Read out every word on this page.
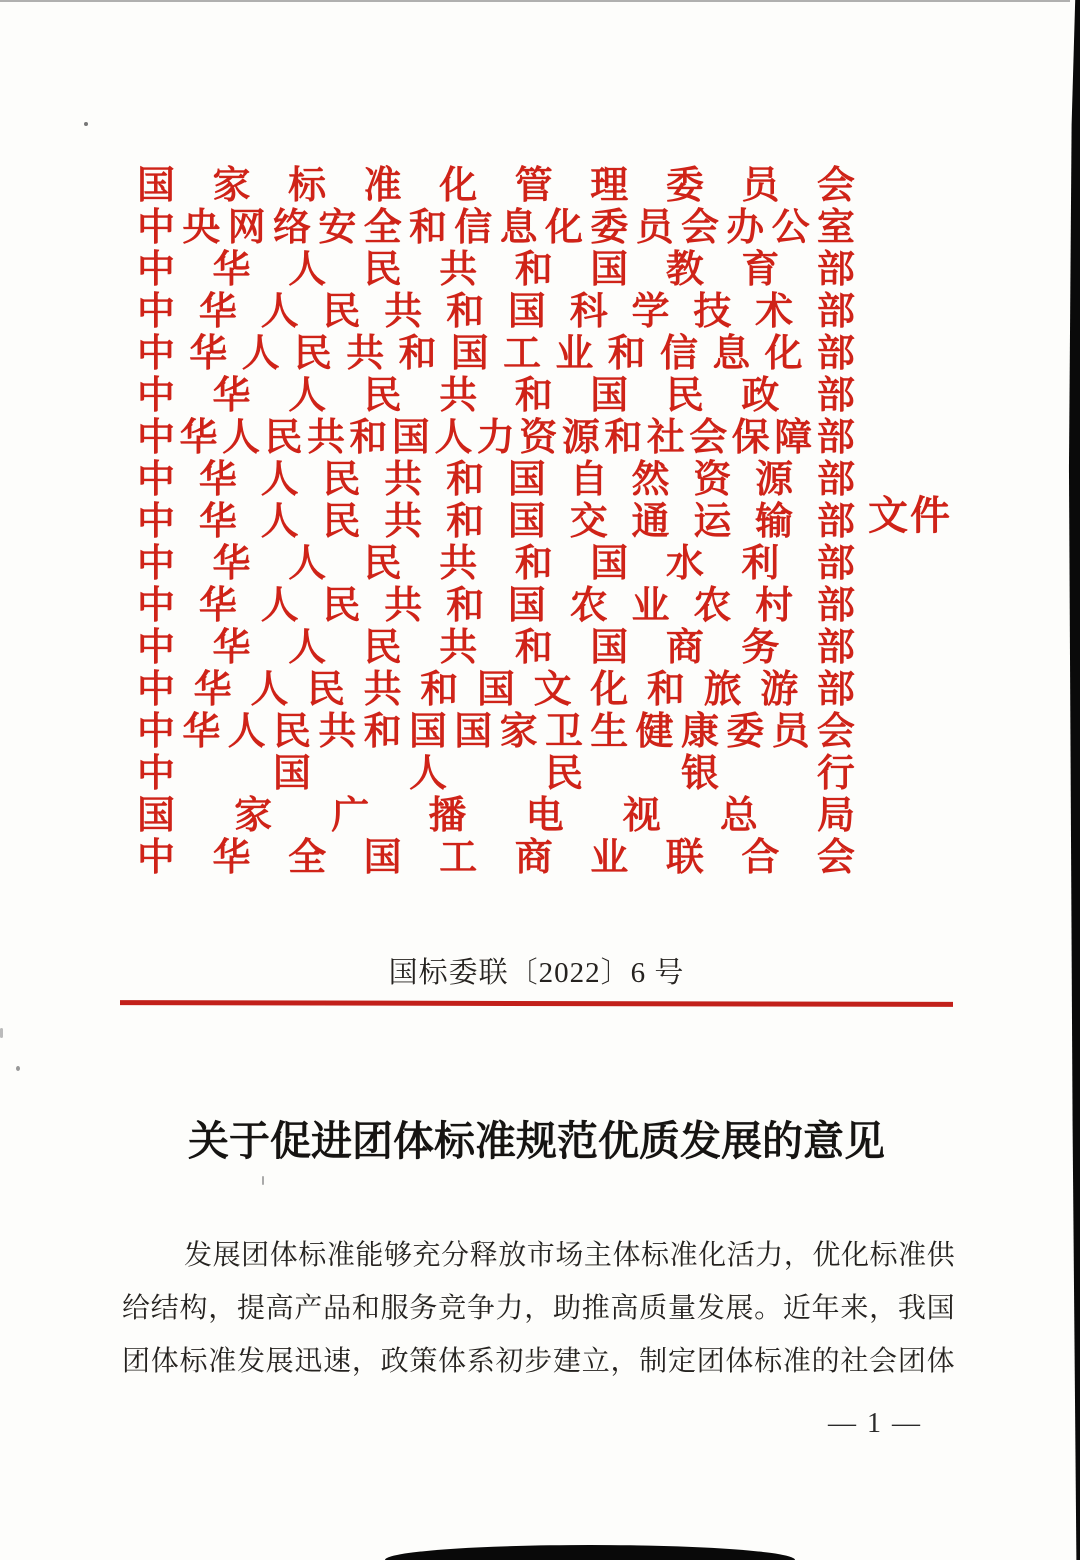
国 家 标 准 化 管 理 委 员 会
中 央 网 络 安 全 和 信 息 化 委 员 会 办 公 室
中 华 人 民 共 和 国 教 育 部
中 华 人 民 共 和 国 科 学 技 术 部
中 华 人 民 共 和 国 工 业 和 信 息 化 部
中 华 人 民 共 和 国 民 政 部
中 华 人 民 共 和 国 人 力 资 源 和 社 会 保 障 部
中 华 人 民 共 和 国 自 然 资 源 部
中 华 人 民 共 和 国 交 通 运 输 部
中 华 人 民 共 和 国 水 利 部
中 华 人 民 共 和 国 农 业 农 村 部
中 华 人 民 共 和 国 商 务 部
中 华 人 民 共 和 国 文 化 和 旅 游 部
中 华 人 民 共 和 国 国 家 卫 生 健 康 委 员 会
中	国	人	民	银	行
国 家 广 播 电 视 总 局
中 华 全 国 工 商 业 联 合 会
文件
国标委联〔2022〕6 号
关于促进团体标准规范优质发展的意见
发 展 团 体 标 准 能 够 充 分 释 放 市 场 主 体 标 准 化 活 力 ， 优 化 标 准 供
给 结 构 ， 提 高 产 品 和 服 务 竞 争 力 ， 助 推 高 质 量 发 展 。 近 年 来 ， 我 国
团 体 标 准 发 展 迅 速 ， 政 策 体 系 初 步 建 立 ， 制 定 团 体 标 准 的 社 会 团 体
— 1 —
